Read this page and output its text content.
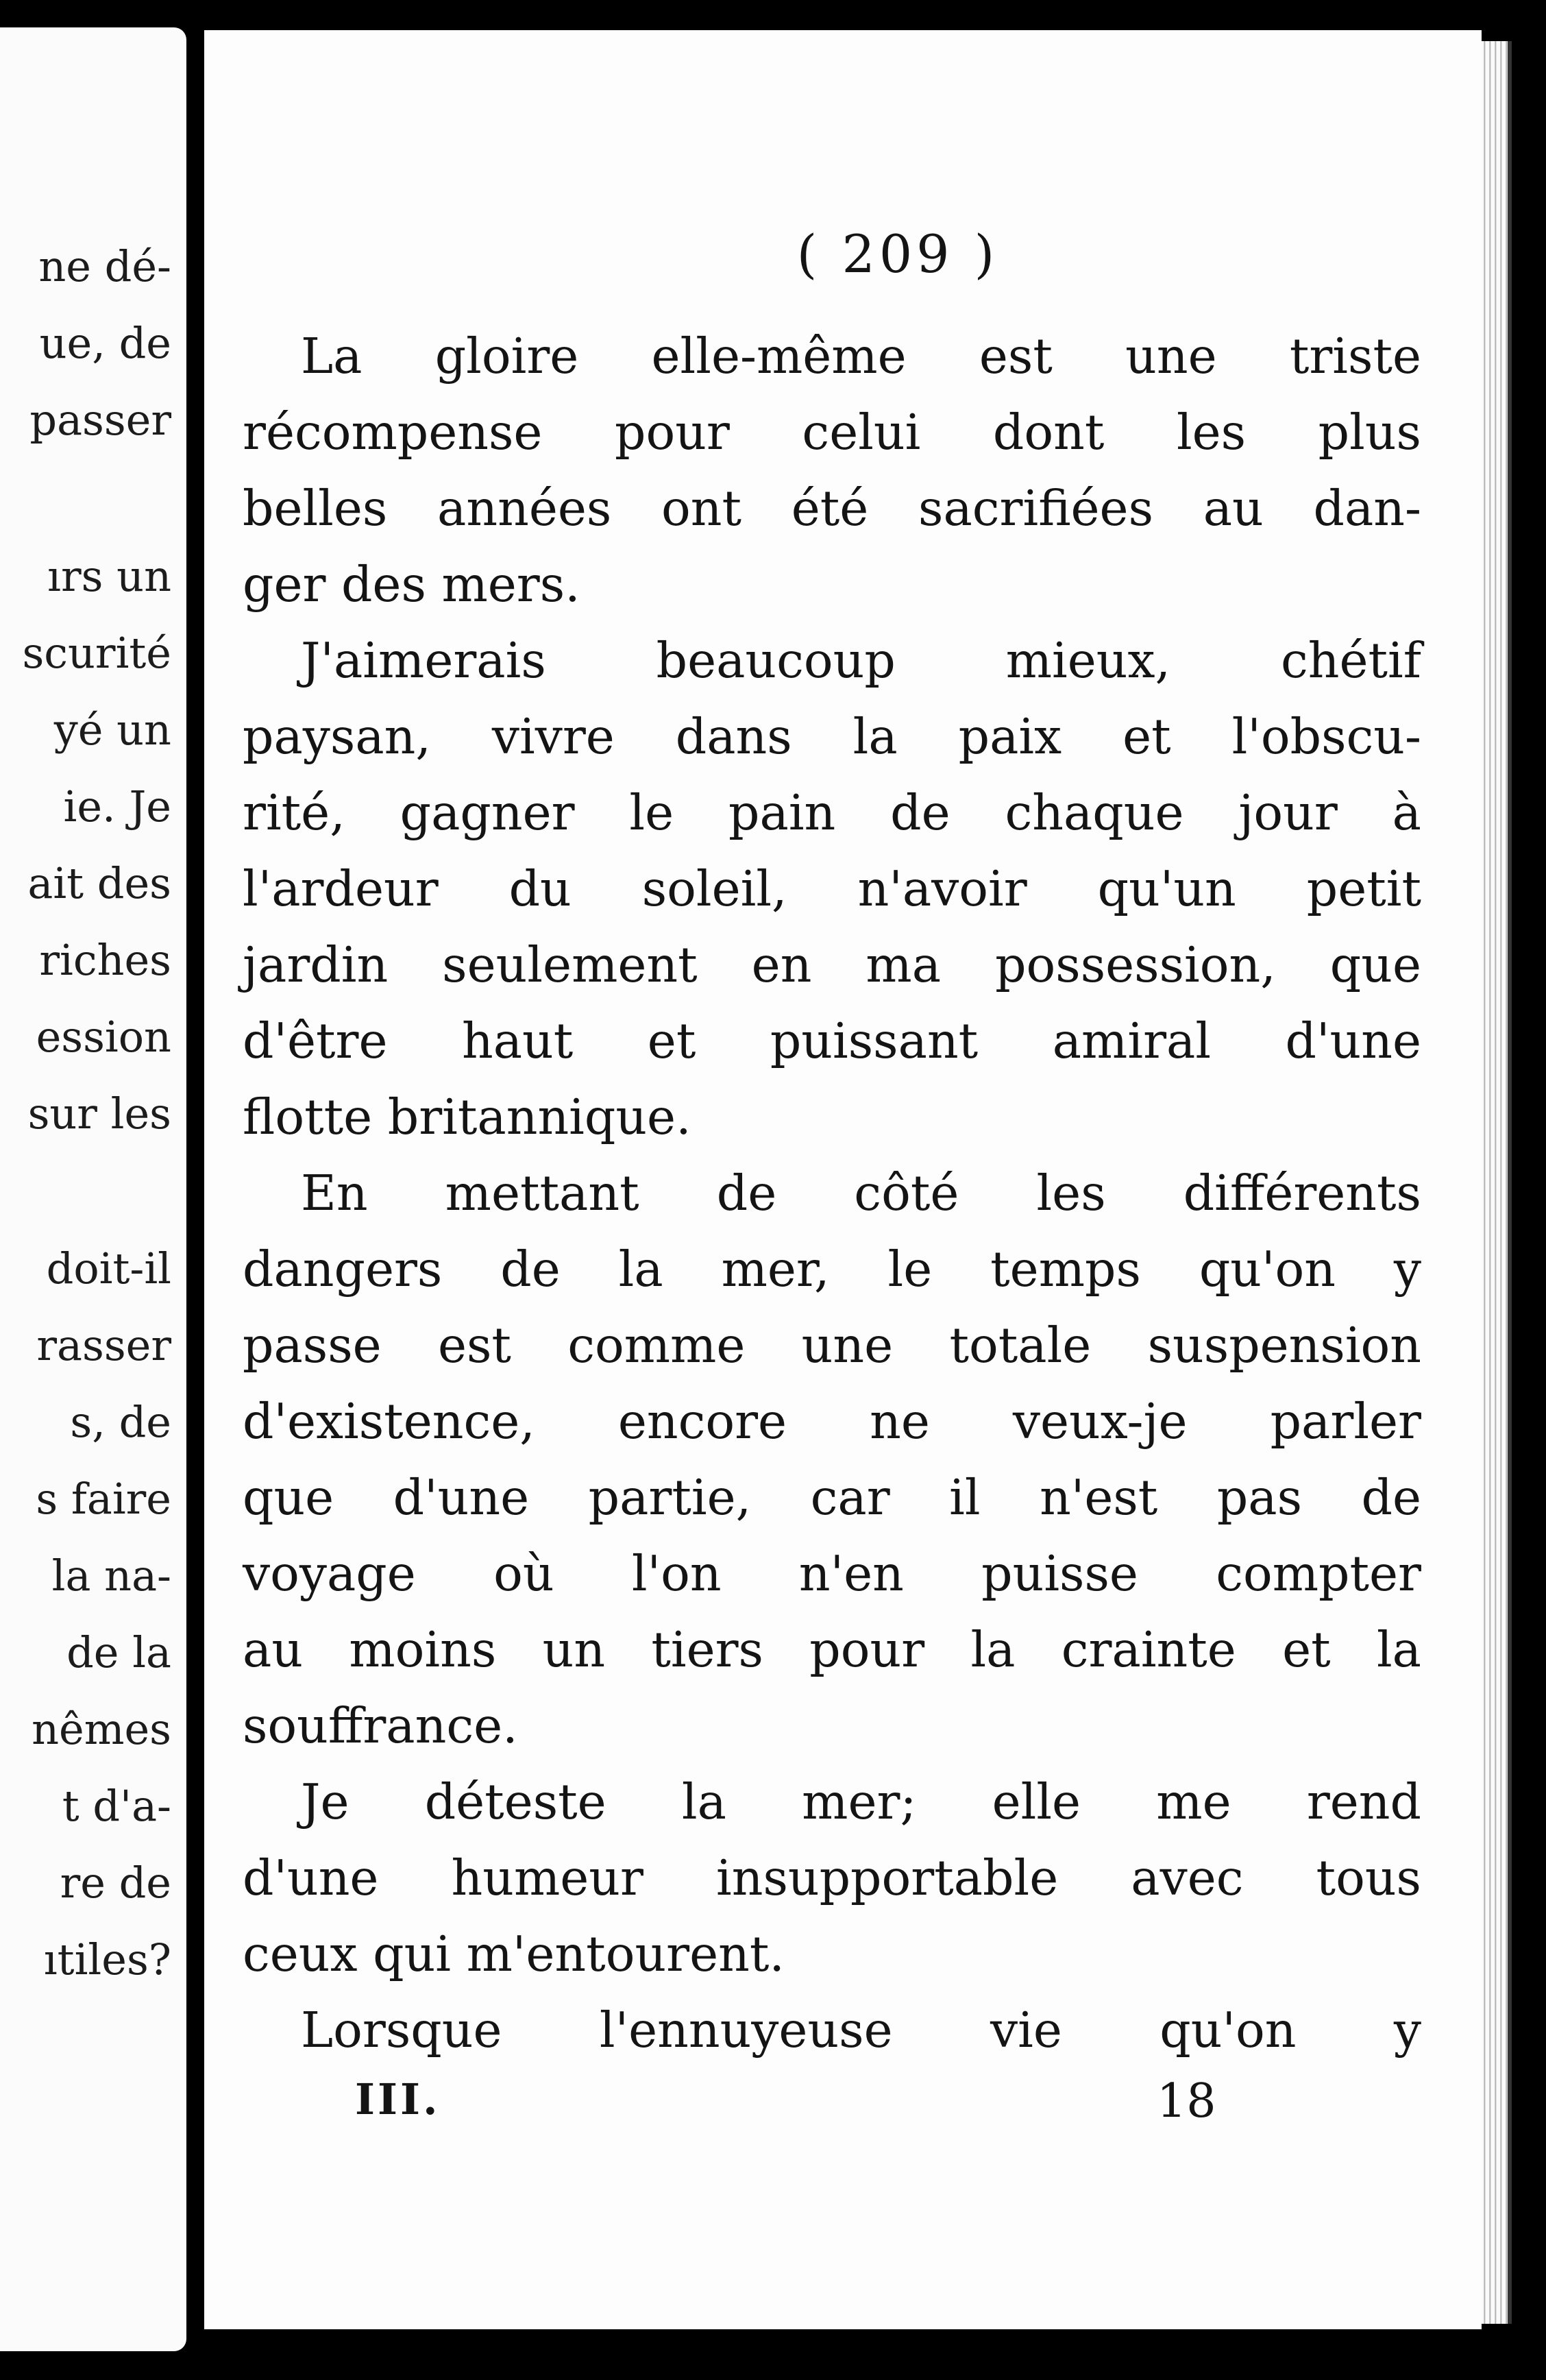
ne dé-
ue, de
passer
ırs un
scurité
yé un
ie. Je
ait des
riches
ession
sur les
doit-il
rasser
s, de
s faire
la na-
de la
nêmes
t d'a-
re de
ıtiles?
( 209 )
La gloire elle-même est une triste
récompense pour celui dont les plus
belles années ont été sacrifiées au dan-
ger des mers.
J'aimerais beaucoup mieux, chétif
paysan, vivre dans la paix et l'obscu-
rité, gagner le pain de chaque jour à
l'ardeur du soleil, n'avoir qu'un petit
jardin seulement en ma possession, que
d'être haut et puissant amiral d'une
flotte britannique.
En mettant de côté les différents
dangers de la mer, le temps qu'on y
passe est comme une totale suspension
d'existence, encore ne veux-je parler
que d'une partie, car il n'est pas de
voyage où l'on n'en puisse compter
au moins un tiers pour la crainte et la
souffrance.
Je déteste la mer; elle me rend
d'une humeur insupportable avec tous
ceux qui m'entourent.
Lorsque l'ennuyeuse vie qu'on y
III.	18
